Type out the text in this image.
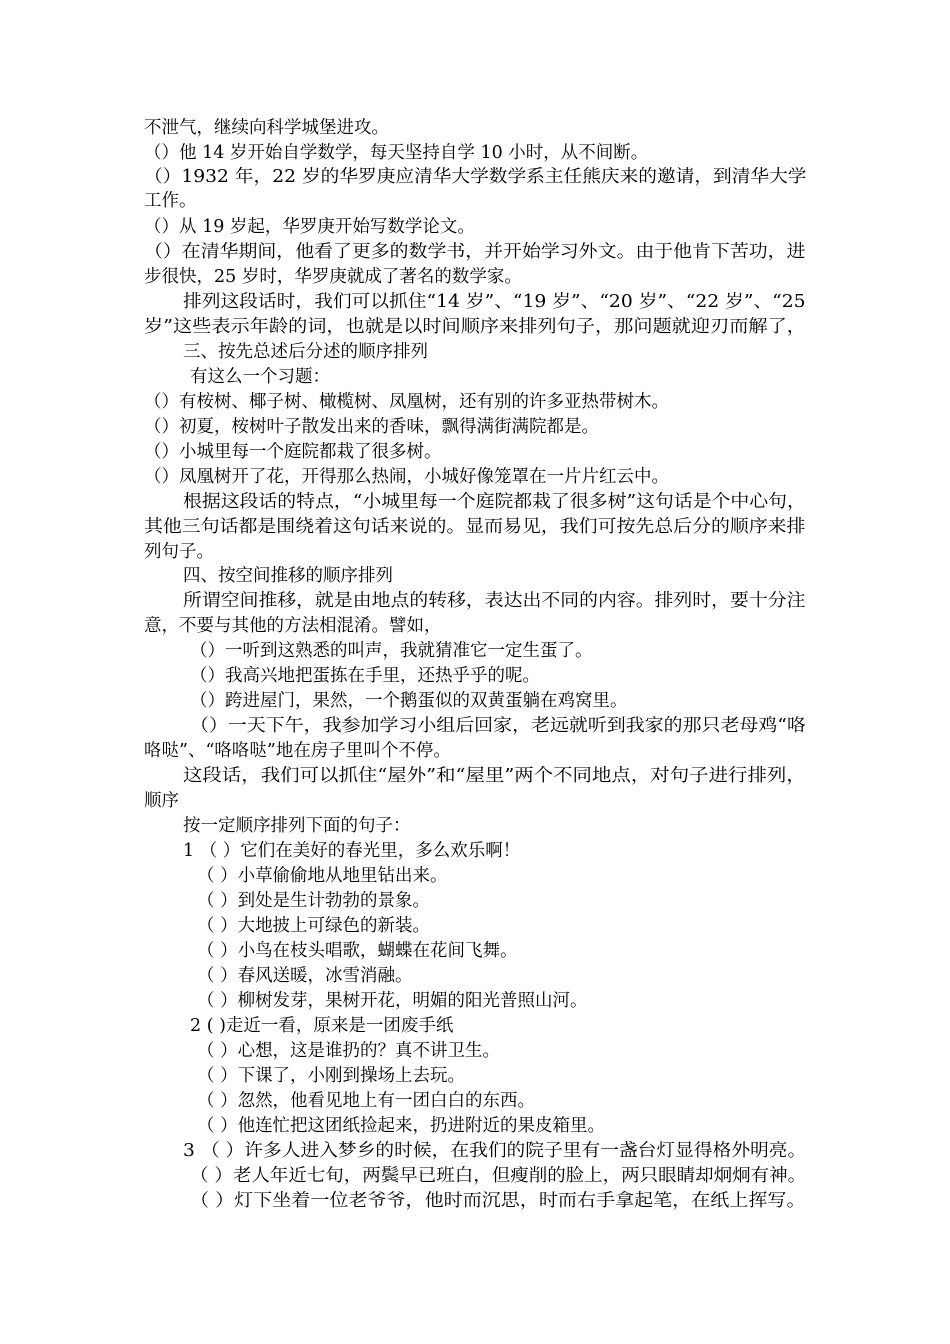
不泄气，继续向科学城堡进攻。
（）他 14 岁开始自学数学，每天坚持自学 10 小时，从不间断。
（）1932 年，22 岁的华罗庚应清华大学数学系主任熊庆来的邀请，到清华大学
工作。
（）从 19 岁起，华罗庚开始写数学论文。
（）在清华期间，他看了更多的数学书，并开始学习外文。由于他肯下苦功，进
步很快，25 岁时，华罗庚就成了著名的数学家。
排列这段话时，我们可以抓住“14 岁”、“19 岁”、“20 岁”、“22 岁”、“25
岁”这些表示年龄的词，也就是以时间顺序来排列句子，那问题就迎刃而解了，
三、按先总述后分述的顺序排列
有这么一个习题：
（）有桉树、椰子树、橄榄树、凤凰树，还有别的许多亚热带树木。
（）初夏，桉树叶子散发出来的香味，飘得满街满院都是。
（）小城里每一个庭院都栽了很多树。
（）凤凰树开了花，开得那么热闹，小城好像笼罩在一片片红云中。
根据这段话的特点，“小城里每一个庭院都栽了很多树”这句话是个中心句，
其他三句话都是围绕着这句话来说的。显而易见，我们可按先总后分的顺序来排
列句子。
四、按空间推移的顺序排列
所谓空间推移，就是由地点的转移，表达出不同的内容。排列时，要十分注
意，不要与其他的方法相混淆。譬如，
（）一听到这熟悉的叫声，我就猜准它一定生蛋了。
（）我高兴地把蛋拣在手里，还热乎乎的呢。
（）跨进屋门，果然，一个鹅蛋似的双黄蛋躺在鸡窝里。
（）一天下午，我参加学习小组后回家，老远就听到我家的那只老母鸡“咯
咯哒”、“咯咯哒”地在房子里叫个不停。
这段话，我们可以抓住“屋外”和“屋里”两个不同地点，对句子进行排列，
顺序
按一定顺序排列下面的句子：
1 （ ）它们在美好的春光里，多么欢乐啊！
（ ）小草偷偷地从地里钻出来。
（ ）到处是生计勃勃的景象。
（ ）大地披上可绿色的新装。
（ ）小鸟在枝头唱歌，蝴蝶在花间飞舞。
（ ）春风送暖，冰雪消融。
（ ）柳树发芽，果树开花，明媚的阳光普照山河。
2 ( )走近一看，原来是一团废手纸
（ ）心想，这是谁扔的？真不讲卫生。
（ ）下课了，小刚到操场上去玩。
（ ）忽然，他看见地上有一团白白的东西。
（ ）他连忙把这团纸捡起来，扔进附近的果皮箱里。
3 （ ）许多人进入梦乡的时候，在我们的院子里有一盏台灯显得格外明亮。
（ ）老人年近七旬，两鬓早已班白，但瘦削的脸上，两只眼睛却炯炯有神。
（ ）灯下坐着一位老爷爷，他时而沉思，时而右手拿起笔，在纸上挥写。
